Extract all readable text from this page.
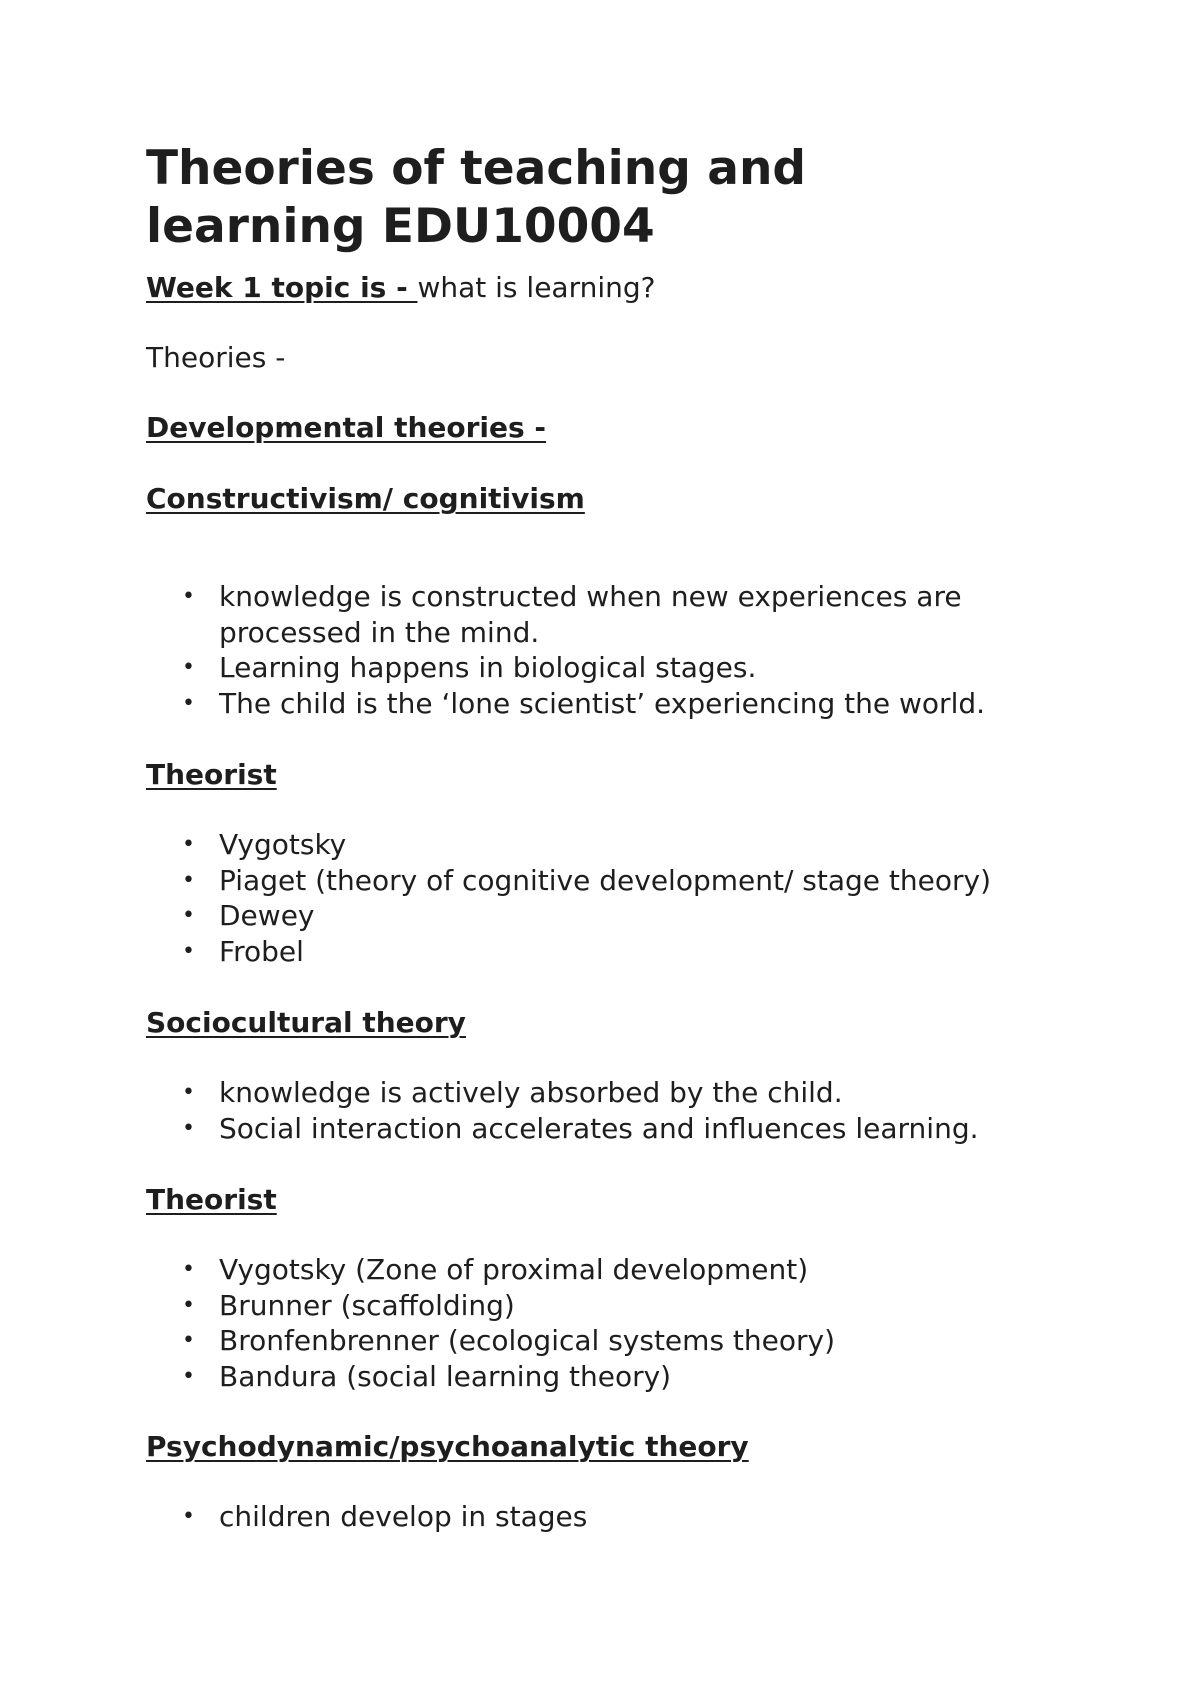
Theories of teaching and learning EDU10004

Week 1 topic is - what is learning?

Theories -

Developmental theories -

Constructivism/ cognitivism

• knowledge is constructed when new experiences are processed in the mind.
• Learning happens in biological stages.
• The child is the ‘lone scientist’ experiencing the world.

Theorist

• Vygotsky
• Piaget (theory of cognitive development/ stage theory)
• Dewey
• Frobel

Sociocultural theory

• knowledge is actively absorbed by the child.
• Social interaction accelerates and influences learning.

Theorist

• Vygotsky (Zone of proximal development)
• Brunner (scaffolding)
• Bronfenbrenner (ecological systems theory)
• Bandura (social learning theory)

Psychodynamic/psychoanalytic theory

• children develop in stages
